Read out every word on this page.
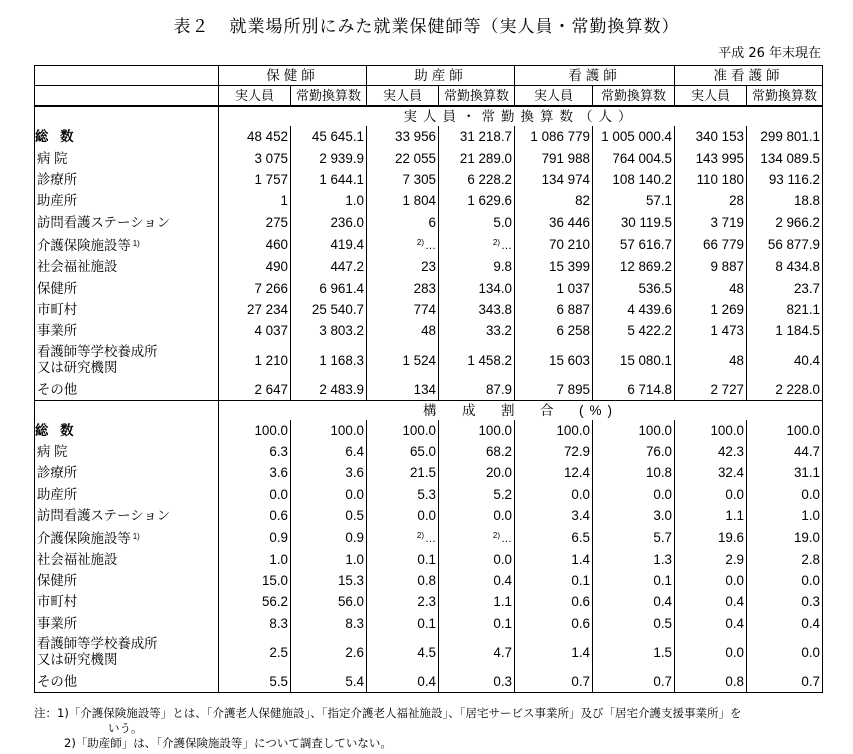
表２ 就業場所別にみた就業保健師等（実人員・常勤換算数）
平成 26 年末現在
	保健師		助産師		看護師		准看護師	
	実人員	常勤換算数	実人員	常勤換算数	実人員	常勤換算数	実人員	常勤換算数
	実人員・常勤換算数（人）							
総 数	48 452	45 645.1	33 956	31 218.7	1 086 779	1 005 000.4	340 153	299 801.1
病 院	3 075	2 939.9	22 055	21 289.0	791 988	764 004.5	143 995	134 089.5
診療所	1 757	1 644.1	7 305	6 228.2	134 974	108 140.2	110 180	93 116.2
助産所	1	1.0	1 804	1 629.6	82	57.1	28	18.8
訪問看護ステーション	275	236.0	6	5.0	36 446	30 119.5	3 719	2 966.2
介護保険施設等 $^{1)}$	460	419.4	$^{2)}$…	$^{2)}$…	70 210	57 616.7	66 779	56 877.9
社会福祉施設	490	447.2	23	9.8	15 399	12 869.2	9 887	8 434.8
保健所	7 266	6 961.4	283	134.0	1 037	536.5	48	23.7
市町村	27 234	25 540.7	774	343.8	6 887	4 439.6	1 269	821.1
事業所	4 037	3 803.2	48	33.2	6 258	5 422.2	1 473	1 184.5
看護師等学校養成所
又は研究機関	1 210	1 168.3	1 524	1 458.2	15 603	15 080.1	48	40.4
その他	2 647	2 483.9	134	87.9	7 895	6 714.8	2 727	2 228.0
	構　成　割　合　(%)							
総 数	100.0	100.0	100.0	100.0	100.0	100.0	100.0	100.0
病 院	6.3	6.4	65.0	68.2	72.9	76.0	42.3	44.7
診療所	3.6	3.6	21.5	20.0	12.4	10.8	32.4	31.1
助産所	0.0	0.0	5.3	5.2	0.0	0.0	0.0	0.0
訪問看護ステーション	0.6	0.5	0.0	0.0	3.4	3.0	1.1	1.0
介護保険施設等 $^{1)}$	0.9	0.9	$^{2)}$…	$^{2)}$…	6.5	5.7	19.6	19.0
社会福祉施設	1.0	1.0	0.1	0.0	1.4	1.3	2.9	2.8
保健所	15.0	15.3	0.8	0.4	0.1	0.1	0.0	0.0
市町村	56.2	56.0	2.3	1.1	0.6	0.4	0.4	0.3
事業所	8.3	8.3	0.1	0.1	0.6	0.5	0.4	0.4
看護師等学校養成所
又は研究機関	2.5	2.6	4.5	4.7	1.4	1.5	0.0	0.0
その他	5.5	5.4	0.4	0.3	0.7	0.7	0.8	0.7
注：1)「介護保険施設等」とは、「介護老人保健施設」、「指定介護老人福祉施設」、「居宅サービス事業所」及び「居宅介護支援事業所」を
いう。
2)「助産師」は、「介護保険施設等」について調査していない。
